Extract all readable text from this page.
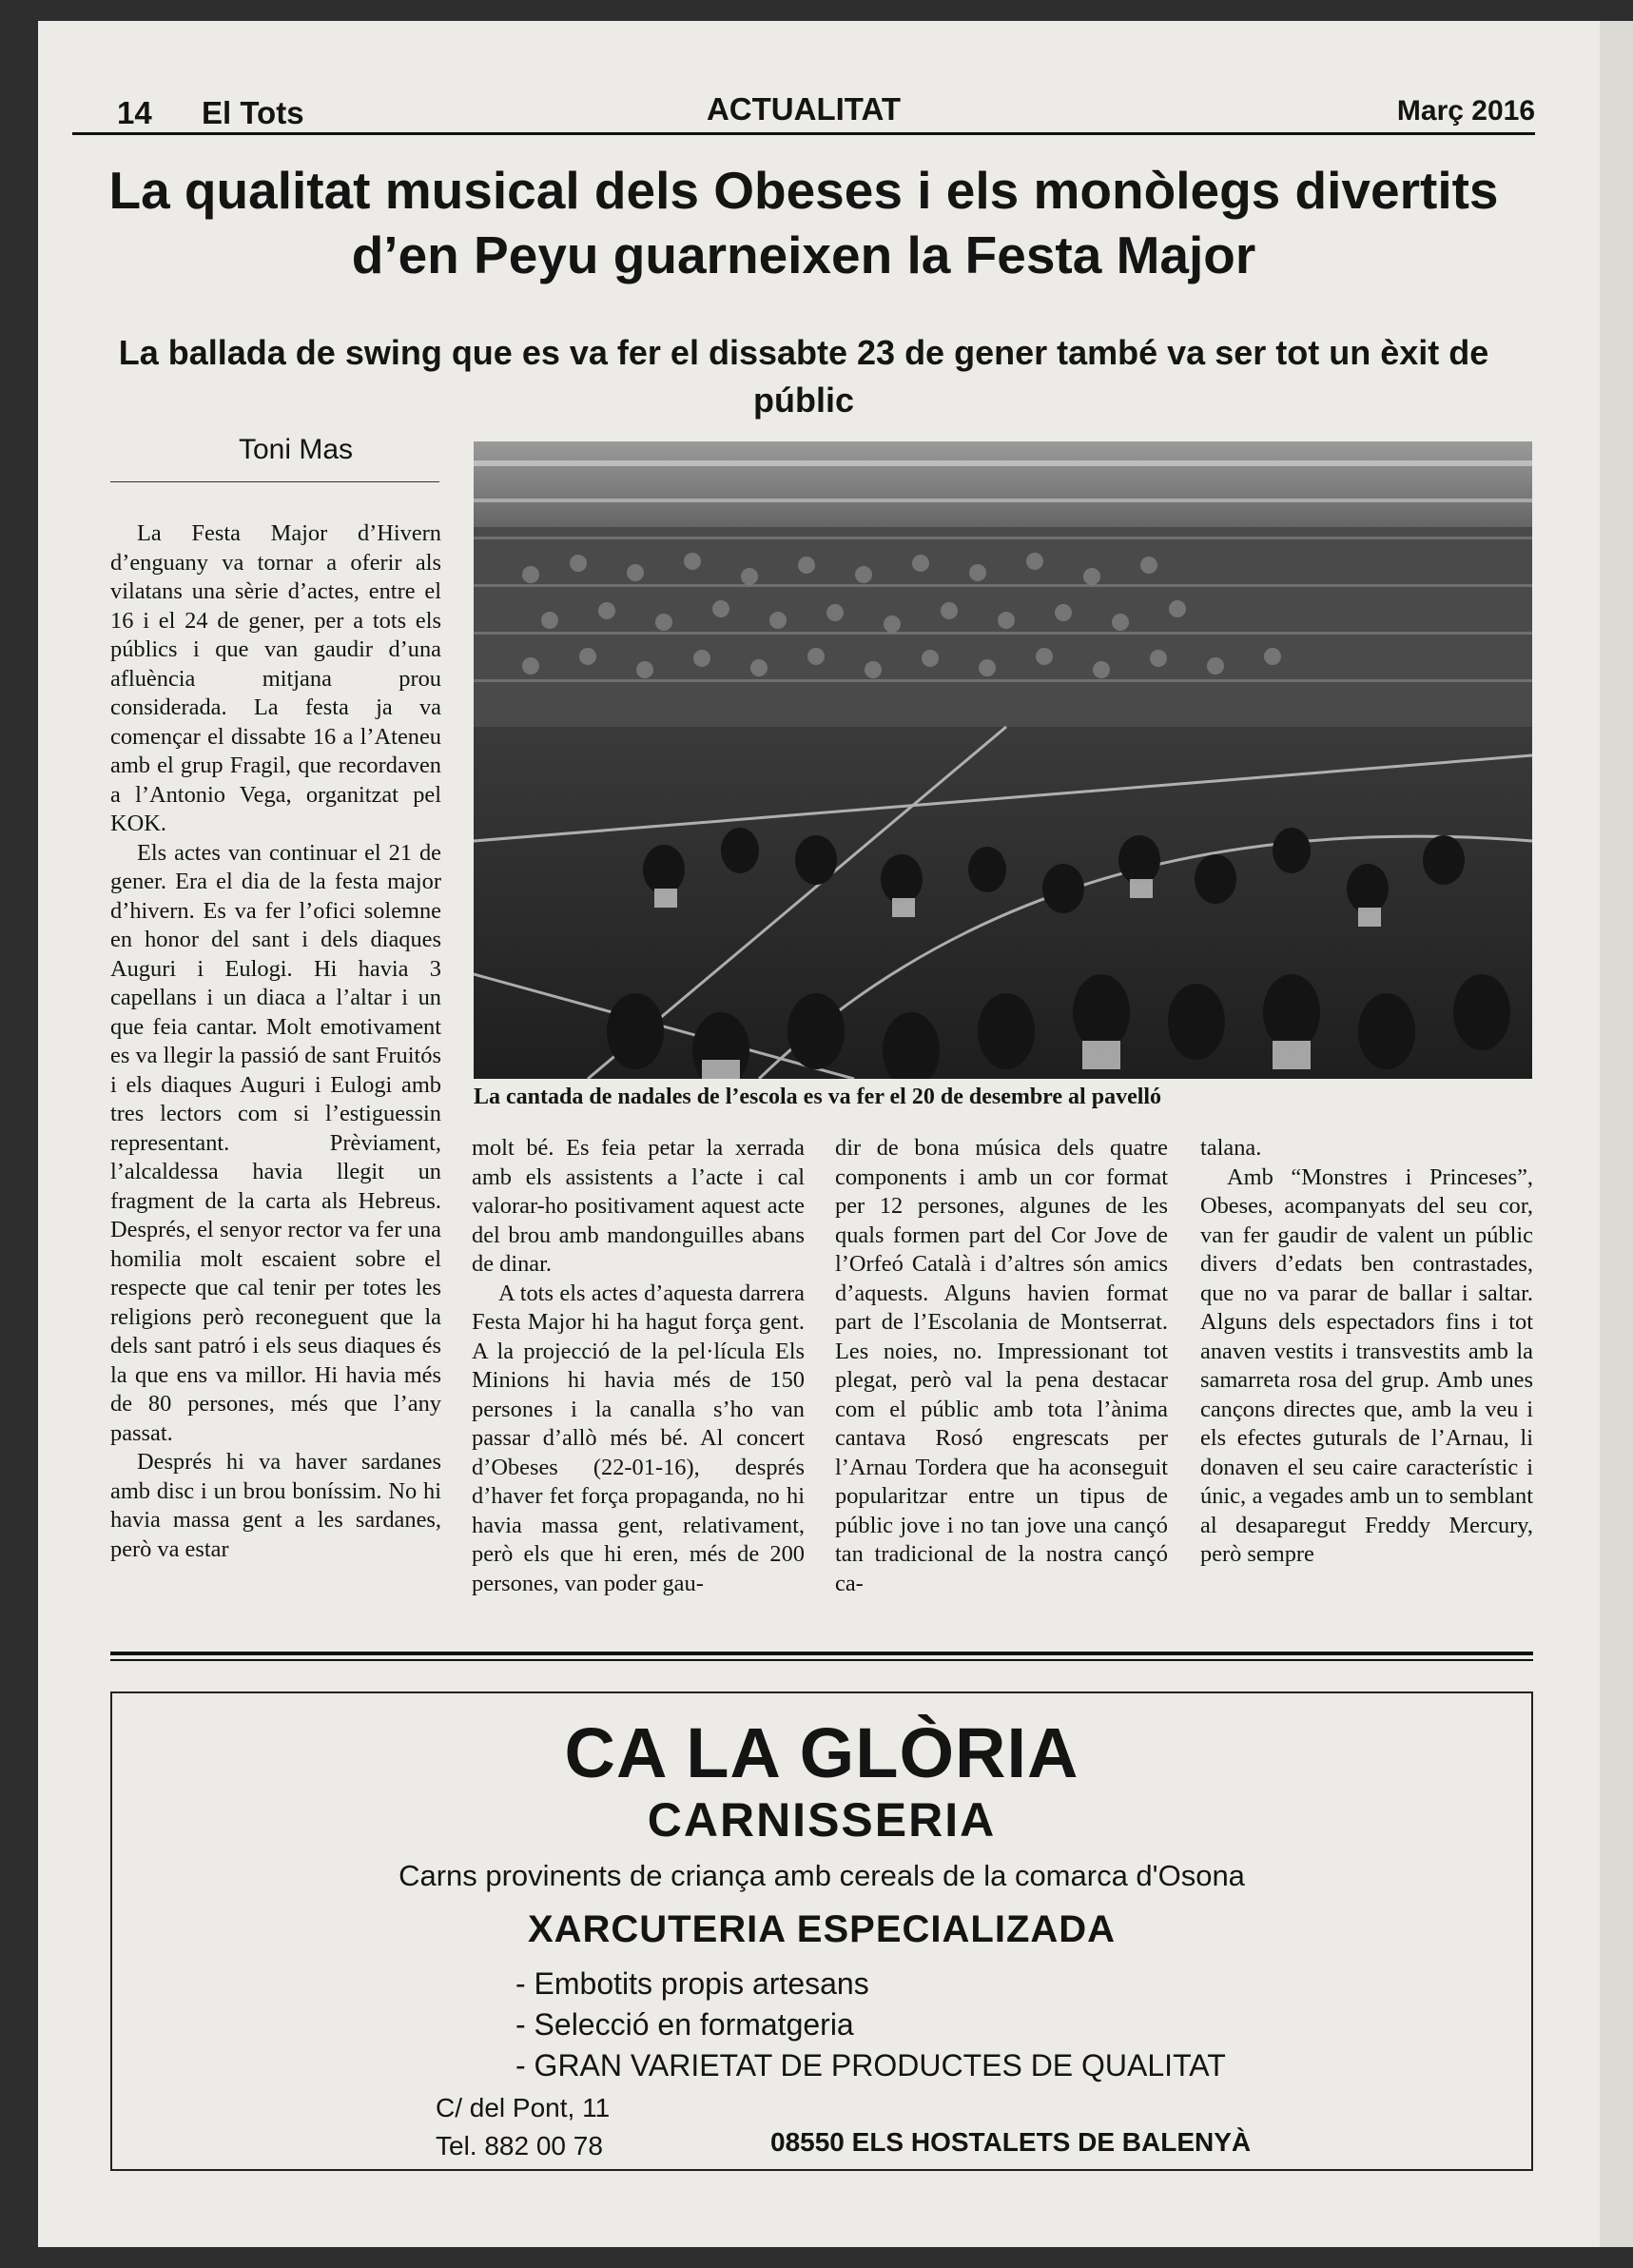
14 El Tots	ACTUALITAT	Març 2016
La qualitat musical dels Obeses i els monòlegs divertits d’en Peyu guarneixen la Festa Major
La ballada de swing que es va fer el dissabte 23 de gener també va ser tot un èxit de públic
Toni Mas
La cantada de nadales de l’escola es va fer el 20 de desembre al pavelló

La Festa Major d’Hivern d’enguany va tornar a oferir als vilatans una sèrie d’actes, entre el 16 i el 24 de gener, per a tots els públics i que van gaudir d’una afluència mitjana prou considerada. La festa ja va començar el dissabte 16 a l’Ateneu amb el grup Fragil, que recordaven a l’Antonio Vega, organitzat pel KOK.

Els actes van continuar el 21 de gener. Era el dia de la festa major d’hivern. Es va fer l’ofici solemne en honor del sant i dels diaques Auguri i Eulogi. Hi havia 3 capellans i un diaca a l’altar i un que feia cantar. Molt emotivament es va llegir la passió de sant Fruitós i els diaques Auguri i Eulogi amb tres lectors com si l’estiguessin representant. Prèviament, l’alcaldessa havia llegit un fragment de la carta als Hebreus. Després, el senyor rector va fer una homilia molt escaient sobre el respecte que cal tenir per totes les religions però reconeguent que la dels sant patró i els seus diaques és la que ens va millor. Hi havia més de 80 persones, més que l’any passat.

Després hi va haver sardanes amb disc i un brou boníssim. No hi havia massa gent a les sardanes, però va estar

molt bé. Es feia petar la xerrada amb els assistents a l’acte i cal valorar-ho positivament aquest acte del brou amb mandonguilles abans de dinar.

A tots els actes d’aquesta darrera Festa Major hi ha hagut força gent. A la projecció de la pel·lícula Els Minions hi havia més de 150 persones i la canalla s’ho van passar d’allò més bé. Al concert d’Obeses (22-01-16), després d’haver fet força propaganda, no hi havia massa gent, relativament, però els que hi eren, més de 200 persones, van poder gau-

dir de bona música dels quatre components i amb un cor format per 12 persones, algunes de les quals formen part del Cor Jove de l’Orfeó Català i d’altres són amics d’aquests. Alguns havien format part de l’Escolania de Montserrat. Les noies, no. Impressionant tot plegat, però val la pena destacar com el públic amb tota l’ànima cantava Rosó engrescats per l’Arnau Tordera que ha aconseguit popularitzar entre un tipus de públic jove i no tan jove una cançó tan tradicional de la nostra cançó ca-

talana.

Amb “Monstres i Princeses”, Obeses, acompanyats del seu cor, van fer gaudir de valent un públic divers d’edats ben contrastades, que no va parar de ballar i saltar. Alguns dels espectadors fins i tot anaven vestits i transvestits amb la samarreta rosa del grup. Amb unes cançons directes que, amb la veu i els efectes guturals de l’Arnau, li donaven el seu caire característic i únic, a vegades amb un to semblant al desaparegut Freddy Mercury, però sempre

CA LA GLÒRIA
CARNISSERIA
Carns provinents de criança amb cereals de la comarca d'Osona
XARCUTERIA ESPECIALIZADA
- Embotits propis artesans
- Selecció en formatgeria
- GRAN VARIETAT DE PRODUCTES DE QUALITAT
C/ del Pont, 11
Tel. 882 00 78	08550 ELS HOSTALETS DE BALENYÀ
